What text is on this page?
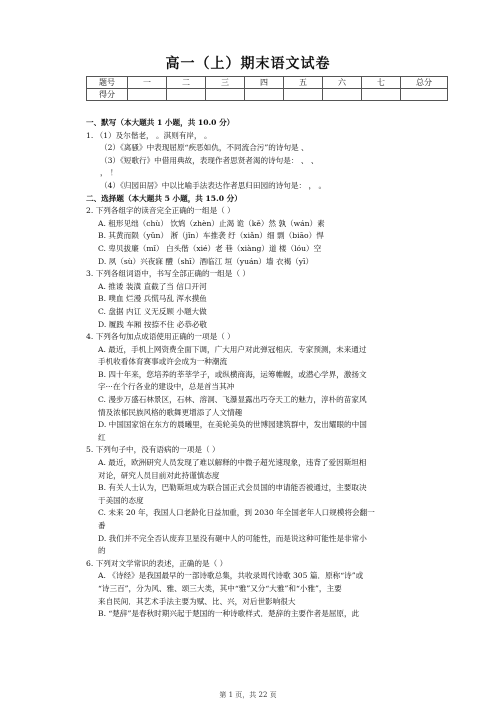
高一（上）期末语文试卷
题号	一	二	三	四	五	六	七	总分
得分								
一、默写（本大题共 1 小题，共 10.0 分）
1. （1）及尔偕老， 。淇则有岸， 。
（2）《离骚》中表现屈原“疾恶如仇，不同流合污”的诗句是 、
（3）《短歌行》中借用典故，表现作者思贤者渴的诗句是： 、 、
， ！
（4）《归园田居》中以比喻手法表达作者思归田园的诗句是： ， 。
二、选择题（本大题共 5 小题，共 15.0 分）
2. 下列各组字的读音完全正确的一组是（ ）
A. 租形见绌（chù） 饮鸩（zhèn）止渴 诡（kě）然 孰（wán）素
B. 其黄而陨（yǔn） 淅（jǐn）车推袭 纡（xiǎn）细 剽（biāo）悍
C. 卑贝拔廉（mǐ） 白头偕（xié）老 巷（xiàng）道 楼（lóu）空
D. 夙（sù）兴夜寐 醴（shī）酒临江 垣（yuán）墙 衣褐（yī）
3. 下列各组词语中，书写全部正确的一组是（ ）
A. 推诿 装潢 直截了当 信口开河
B. 噗血 烂漫 兵慌马乱 浑水摸鱼
C. 盘据 内讧 义无反顾 小题大做
D. 履践 车厢 按捺不住 必恭必敬
4. 下列各句加点成语使用正确的一项是（ ）
A. 最近，手机上网资费全面下调，广大用户对此弹冠相庆．专家预测，未来通过
手机收看体育赛事或许会成为一种潮流
B. 四十年来，您培养的莘莘学子，或纵横商海，运筹帷幄，或潜心学界，激扬文
字···在个行各业的建设中，总是首当其冲
C. 漫步万盛石林景区，石林、溶洞、飞瀑显露出巧夺天工的魅力，淳朴的苗家风
情及浓郁民族风格的歌舞更增添了人文情趣
D. 中国国家馆在东方的晨曦里，在美轮美奂的世博园建筑群中，发出耀眼的中国
红
5. 下列句子中，没有语病的一项是（ ）
A. 最近，欧洲研究人员发现了难以解释的中微子超光速现象，违背了爱因斯坦相
对论，研究人员目前对此持谨慎态度
B. 有关人士认为，巴勒斯坦成为联合国正式会员国的申请能否被通过，主要取决
于美国的态度
C. 未来 20 年，我国人口老龄化日益加重，到 2030 年全国老年人口规模将会翻一
番
D. 我们并不完全否认废弃卫星没有砸中人的可能性，而是说这种可能性是非常小
的
6. 下列对文学常识的表述，正确的是（ ）
A. 《诗经》是我国最早的一部诗歌总集，共收录周代诗歌 305 篇．原称“诗”或
“诗三百”，分为风、雅、颂三大类，其中“雅”又分“大雅”和“小雅”，主要
来自民间．其艺术手法主要为赋、比、兴，对后世影响很大
B. “楚辞”是春秋时期兴起于楚国的一种诗歌样式．楚辞的主要作者是屈原，此
第 1 页，共 22 页
